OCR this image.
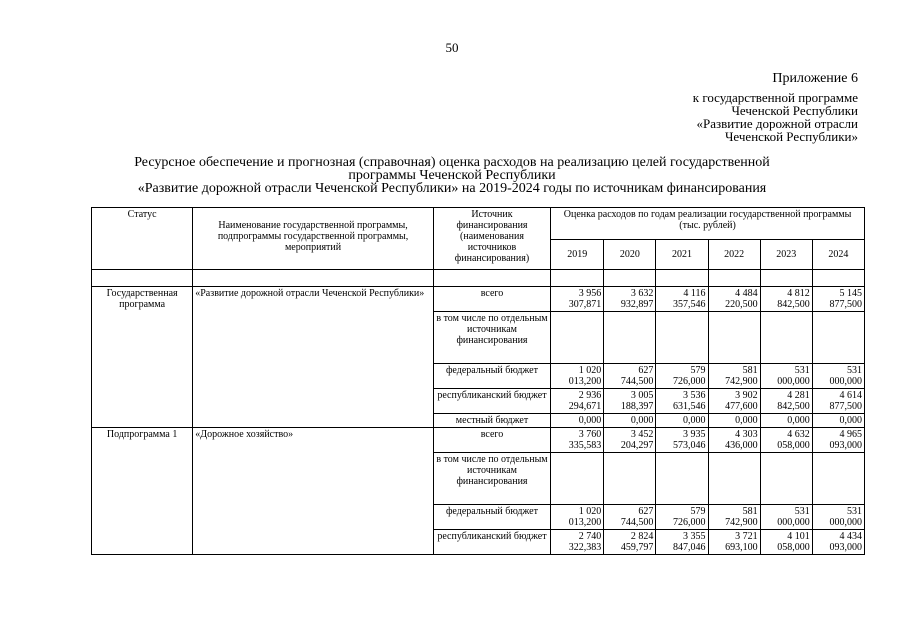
50
Приложение 6
к государственной программе
Чеченской Республики
«Развитие дорожной отрасли
Чеченской Республики»
Ресурсное обеспечение и прогнозная (справочная) оценка расходов на реализацию целей государственной
программы Чеченской Республики
«Развитие дорожной отрасли Чеченской Республики» на 2019-2024 годы по источникам финансирования
Статус	Наименование государственной программы, подпрограммы государственной программы, мероприятий	Источник финансирования (наименования источников финансирования)	Оценка расходов по годам реализации государственной программы (тыс. рублей)					
			2019	2020	2021	2022	2023	2024

Государственная программа	«Развитие дорожной отрасли Чеченской Республики»	всего	3 956 307,871	3 632 932,897	4 116 357,546	4 484 220,500	4 812 842,500	5 145 877,500
		в том числе по отдельным источникам финансирования						
		федеральный бюджет	1 020 013,200	627 744,500	579 726,000	581 742,900	531 000,000	531 000,000
		республиканский бюджет	2 936 294,671	3 005 188,397	3 536 631,546	3 902 477,600	4 281 842,500	4 614 877,500
		местный бюджет	0,000	0,000	0,000	0,000	0,000	0,000
Подпрограмма 1	«Дорожное хозяйство»	всего	3 760 335,583	3 452 204,297	3 935 573,046	4 303 436,000	4 632 058,000	4 965 093,000
		в том числе по отдельным источникам финансирования						
		федеральный бюджет	1 020 013,200	627 744,500	579 726,000	581 742,900	531 000,000	531 000,000
		республиканский бюджет	2 740 322,383	2 824 459,797	3 355 847,046	3 721 693,100	4 101 058,000	4 434 093,000
